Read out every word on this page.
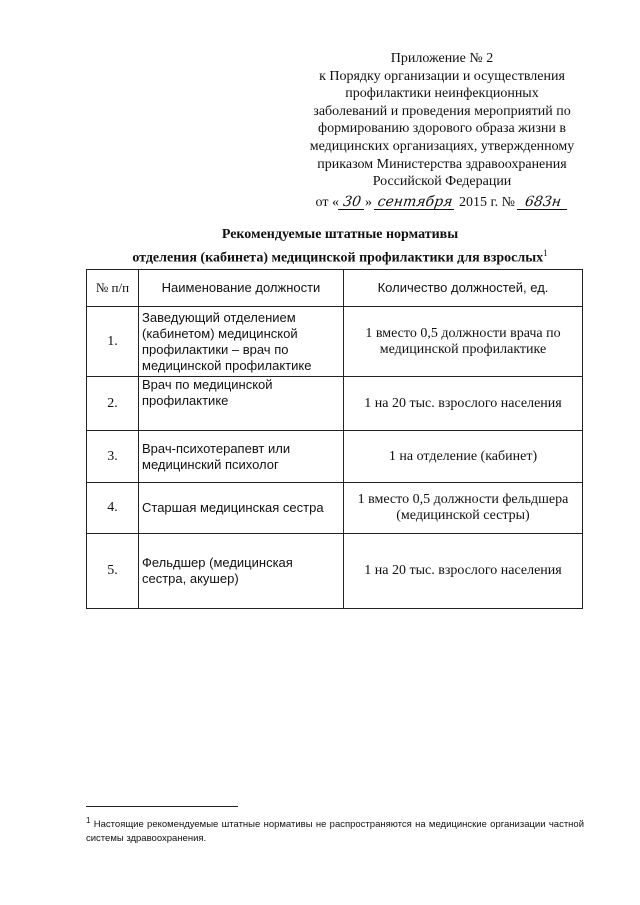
Приложение № 2
к Порядку организации и осуществления
профилактики неинфекционных
заболеваний и проведения мероприятий по
формированию здорового образа жизни в
медицинских организациях, утвержденному
приказом Министерства здравоохранения
Российской Федерации
от « 30 » сентября 2015 г. № 683н
Рекомендуемые штатные нормативы
отделения (кабинета) медицинской профилактики для взрослых$^1$
№ п/п	Наименование должности	Количество должностей, ед.
1.	Заведующий отделением (кабинетом) медицинской профилактики – врач по медицинской профилактике	1 вместо 0,5 должности врача по медицинской профилактике
2.	Врач по медицинской профилактике	1 на 20 тыс. взрослого населения
3.	Врач-психотерапевт или медицинский психолог	1 на отделение (кабинет)
4.	Старшая медицинская сестра	1 вместо 0,5 должности фельдшера (медицинской сестры)
5.	Фельдшер (медицинская сестра, акушер)	1 на 20 тыс. взрослого населения
$^1$ Настоящие рекомендуемые штатные нормативы не распространяются на медицинские организации частной системы здравоохранения.
